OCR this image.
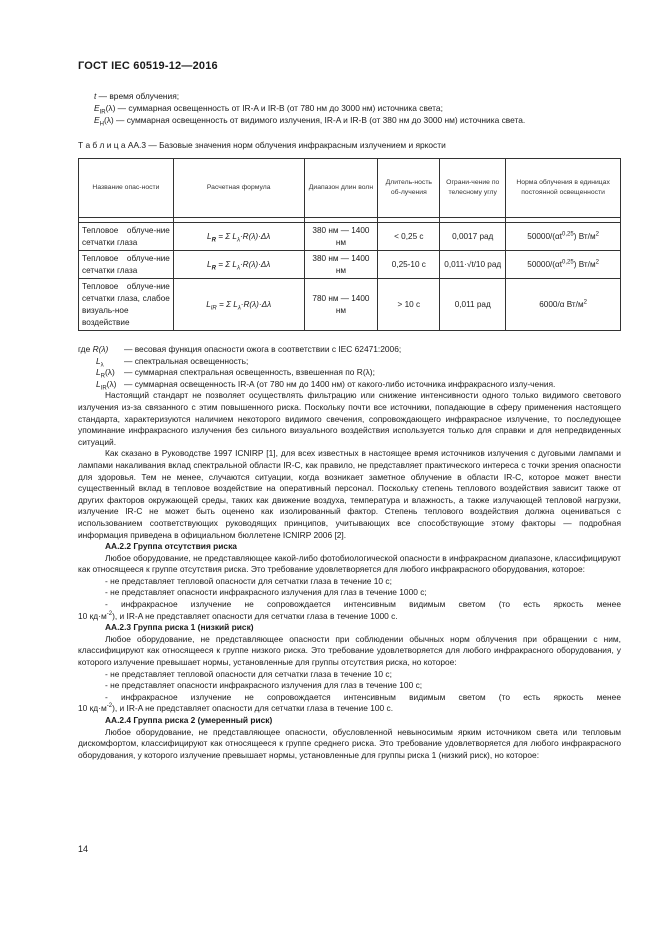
ГОСТ IEC 60519-12—2016
t — время облучения;
$E_{IR}(\lambda)$ — суммарная освещенность от IR-A и IR-B (от 780 нм до 3000 нм) источника света;
$E_H(\lambda)$ — суммарная освещенность от видимого излучения, IR-A и IR-B (от 380 нм до 3000 нм) источника света.
Т а б л и ц а АА.3 — Базовые значения норм облучения инфракрасным излучением и яркости
Название опас-ности	Расчетная формула	Диапазон длин волн	Длитель-ность об-лучения	Ограни-чение по телесному углу	Норма облучения в единицах постоянной освещенности

Тепловое облуче-ние сетчатки глаза	$L_R = \Sigma$ $L_\lambda\cdot R(\lambda)\cdot\Delta\lambda$	380 нм — 1400 нм	< 0,25 с	0,0017 рад	50000/(αt$^{0,25}$) $Вт/м^2$
Тепловое облуче-ние сетчатки глаза	$L_R = \Sigma$ $L_\lambda\cdot R(\lambda)\cdot\Delta\lambda$	380 нм — 1400 нм	0,25-10 с	0,011·√t/10 рад	50000/(αt$^{0,25}$) $Вт/м^2$
Тепловое облуче-ние сетчатки глаза, слабое визуаль-ное воздействие	$L_{IR} = \Sigma$ $L_\lambda\cdot R(\lambda)\cdot\Delta\lambda$	780 нм — 1400 нм	> 10 с	0,011 рад	6000/α $Вт/м^2$
где R(λ)	— весовая функция опасности ожога в соответствии с IEC 62471:2006;
$L_\lambda$	— спектральная освещенность;
$L_R(\lambda)$	— суммарная спектральная освещенность, взвешенная по R(λ);
$L_{IR}(\lambda)$ — суммарная освещенность IR-A (от 780 нм до 1400 нм) от какого-либо источника инфракрасного излу-чения.

Настоящий стандарт не позволяет осуществлять фильтрацию или снижение интенсивности одного только видимого светового излучения из-за связанного с этим повышенного риска. Поскольку почти все источники, попадающие в сферу применения настоящего стандарта, характеризуются наличием некоторого видимого свечения, сопровождающего инфракрасное излучение, то последующее упоминание инфракрасного излучения без сильного визуального воздействия используется только для справки и для непредвиденных ситуаций.

Как сказано в Руководстве 1997 ICNIRP [1], для всех известных в настоящее время источников излучения с дуговыми лампами и лампами накаливания вклад спектральной области IR-C, как правило, не представляет практического интереса с точки зрения опасности для здоровья. Тем не менее, случаются ситуации, когда возникает заметное облучение в области IR-C, которое может внести существенный вклад в тепловое воздействие на оперативный персонал. Поскольку степень теплового воздействия зависит также от других факторов окружающей среды, таких как движение воздуха, температура и влажность, а также излучающей тепловой нагрузки, излучение IR-C не может быть оценено как изолированный фактор. Степень теплового воздействия должна оцениваться с использованием соответствующих руководящих принципов, учитывающих все способствующие этому факторы — подробная информация приведена в официальном бюллетене ICNIRP 2006 [2].

АА.2.2 Группа отсутствия риска

Любое оборудование, не представляющее какой-либо фотобиологической опасности в инфракрасном диапазоне, классифицируют как относящееся к группе отсутствия риска. Это требование удовлетворяется для любого инфракрасного оборудования, которое:

- не представляет тепловой опасности для сетчатки глаза в течение 10 с;
- не представляет опасности инфракрасного излучения для глаз в течение 1000 с;
- инфракрасное излучение не сопровождается интенсивным видимым светом (то есть яркость менее
10 $кд\cdot м^{-2}$), и IR-A не представляет опасности для сетчатки глаза в течение 1000 с.
АА.2.3 Группа риска 1 (низкий риск)

Любое оборудование, не представляющее опасности при соблюдении обычных норм облучения при обращении с ним, классифицируют как относящееся к группе низкого риска. Это требование удовлетворяется для любого инфракрасного оборудования, у которого излучение превышает нормы, установленные для группы отсутствия риска, но которое:

- не представляет тепловой опасности для сетчатки глаза в течение 10 с;
- не представляет опасности инфракрасного излучения для глаз в течение 100 с;
- инфракрасное излучение не сопровождается интенсивным видимым светом (то есть яркость менее
10 $кд\cdot м^{-2}$), и IR-A не представляет опасности для сетчатки глаза в течение 100 с.
АА.2.4 Группа риска 2 (умеренный риск)

Любое оборудование, не представляющее опасности, обусловленной невыносимым ярким источником света или тепловым дискомфортом, классифицируют как относящееся к группе среднего риска. Это требование удовлетворяется для любого инфракрасного оборудования, у которого излучение превышает нормы, установленные для группы риска 1 (низкий риск), но которое:

14
